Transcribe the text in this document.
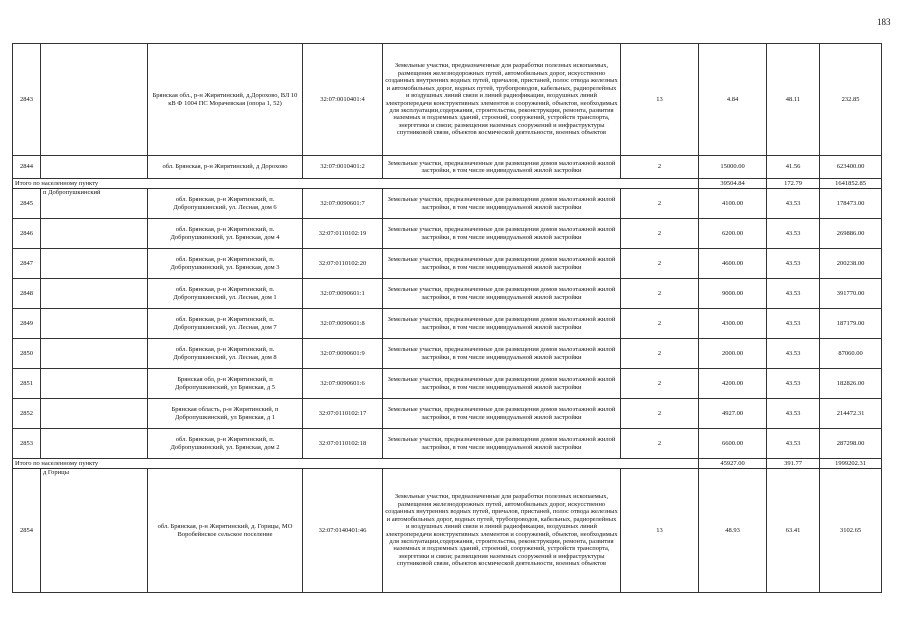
183
2843		Брянская обл., р-н Жирятинский, д.Дорохово, ВЛ 10 кВ Ф 1004 ПС Морачевская (опора 1, 52)	32:07:0010401:4	Земельные участки, предназначенные для разработки полезных ископаемых, размещения железнодорожных путей, автомобильных дорог, искусственно созданных внутренних водных путей, причалов, пристаней, полос отвода железных и автомобильных дорог, водных путей, трубопроводов, кабельных, радиорелейных и воздушных линий связи и линий радиофикации, воздушных линий электропередачи конструктивных элементов и сооружений, объектов, необходимых для эксплуатации,содержания, строительства, реконструкции, ремонта, развития наземных и подземных зданий, строений, сооружений, устройств транспорта, энергетики и связи; размещения наземных сооружений и инфраструктуры спутниковой связи, объектов космической деятельности, военных объектов	13	4.84	48.11	232.85
2844		обл. Брянская, р-н Жирятинский, д Дорохово	32:07:0010401:2	Земельные участки, предназначенные для размещения домов малоэтажной жилой застройки, в том числе индивидуальной жилой застройки	2	15000.00	41.56	623400.00
Итого по населенному пункту						39504.84	172.79	1641852.85
2845	п Добропушкинский	обл. Брянская, р-н Жирятинский, п. Добропушкинский, ул. Лесная, дом 6	32:07:0090601:7	Земельные участки, предназначенные для размещения домов малоэтажной жилой застройки, в том числе индивидуальной жилой застройки	2	4100.00	43.53	178473.00
2846		обл. Брянская, р-н Жирятинский, п. Добропушкинский, ул. Брянская, дом 4	32:07:0110102:19	Земельные участки, предназначенные для размещения домов малоэтажной жилой застройки, в том числе индивидуальной жилой застройки	2	6200.00	43.53	269886.00
2847		обл. Брянская, р-н Жирятинский, п. Добропушкинский, ул. Брянская, дом 3	32:07:0110102:20	Земельные участки, предназначенные для размещения домов малоэтажной жилой застройки, в том числе индивидуальной жилой застройки	2	4600.00	43.53	200238.00
2848		обл. Брянская, р-н Жирятинский, п. Добропушкинский, ул. Лесная, дом 1	32:07:0090601:1	Земельные участки, предназначенные для размещения домов малоэтажной жилой застройки, в том числе индивидуальной жилой застройки	2	9000.00	43.53	391770.00
2849		обл. Брянская, р-н Жирятинский, п. Добропушкинский, ул. Лесная, дом 7	32:07:0090601:8	Земельные участки, предназначенные для размещения домов малоэтажной жилой застройки, в том числе индивидуальной жилой застройки	2	4300.00	43.53	187179.00
2850		обл. Брянская, р-н Жирятинский, п. Добропушкинский, ул. Лесная, дом 8	32:07:0090601:9	Земельные участки, предназначенные для размещения домов малоэтажной жилой застройки, в том числе индивидуальной жилой застройки	2	2000.00	43.53	87060.00
2851		Брянская обл, р-н Жирятинский, п Добропушкинский, ул Брянская, д 5	32:07:0090601:6	Земельные участки, предназначенные для размещения домов малоэтажной жилой застройки, в том числе индивидуальной жилой застройки	2	4200.00	43.53	182826.00
2852		Брянская область, р-н Жирятинский, п Добропушкинский, ул Брянская, д 1	32:07:0110102:17	Земельные участки, предназначенные для размещения домов малоэтажной жилой застройки, в том числе индивидуальной жилой застройки	2	4927.00	43.53	214472.31
2853		обл. Брянская, р-н Жирятинский, п. Добропушкинский, ул. Брянская, дом 2	32:07:0110102:18	Земельные участки, предназначенные для размещения домов малоэтажной жилой застройки, в том числе индивидуальной жилой застройки	2	6600.00	43.53	287298.00
Итого по населенному пункту						45927.00	391.77	1999202.31
2854	д Горицы	обл. Брянская, р-н Жирятинский, д. Горицы, МО Воробейнское сельское поселение	32:07:0140401:46	Земельные участки, предназначенные для разработки полезных ископаемых, размещения железнодорожных путей, автомобильных дорог, искусственно созданных внутренних водных путей, причалов, пристаней, полос отвода железных и автомобильных дорог, водных путей, трубопроводов, кабельных, радиорелейных и воздушных линий связи и линий радиофикации, воздушных линий электропередачи конструктивных элементов и сооружений, объектов, необходимых для эксплуатации,содержания, строительства, реконструкции, ремонта, развития наземных и подземных зданий, строений, сооружений, устройств транспорта, энергетики и связи; размещения наземных сооружений и инфраструктуры спутниковой связи, объектов космической деятельности, военных объектов	13	48.93	63.41	3102.65
